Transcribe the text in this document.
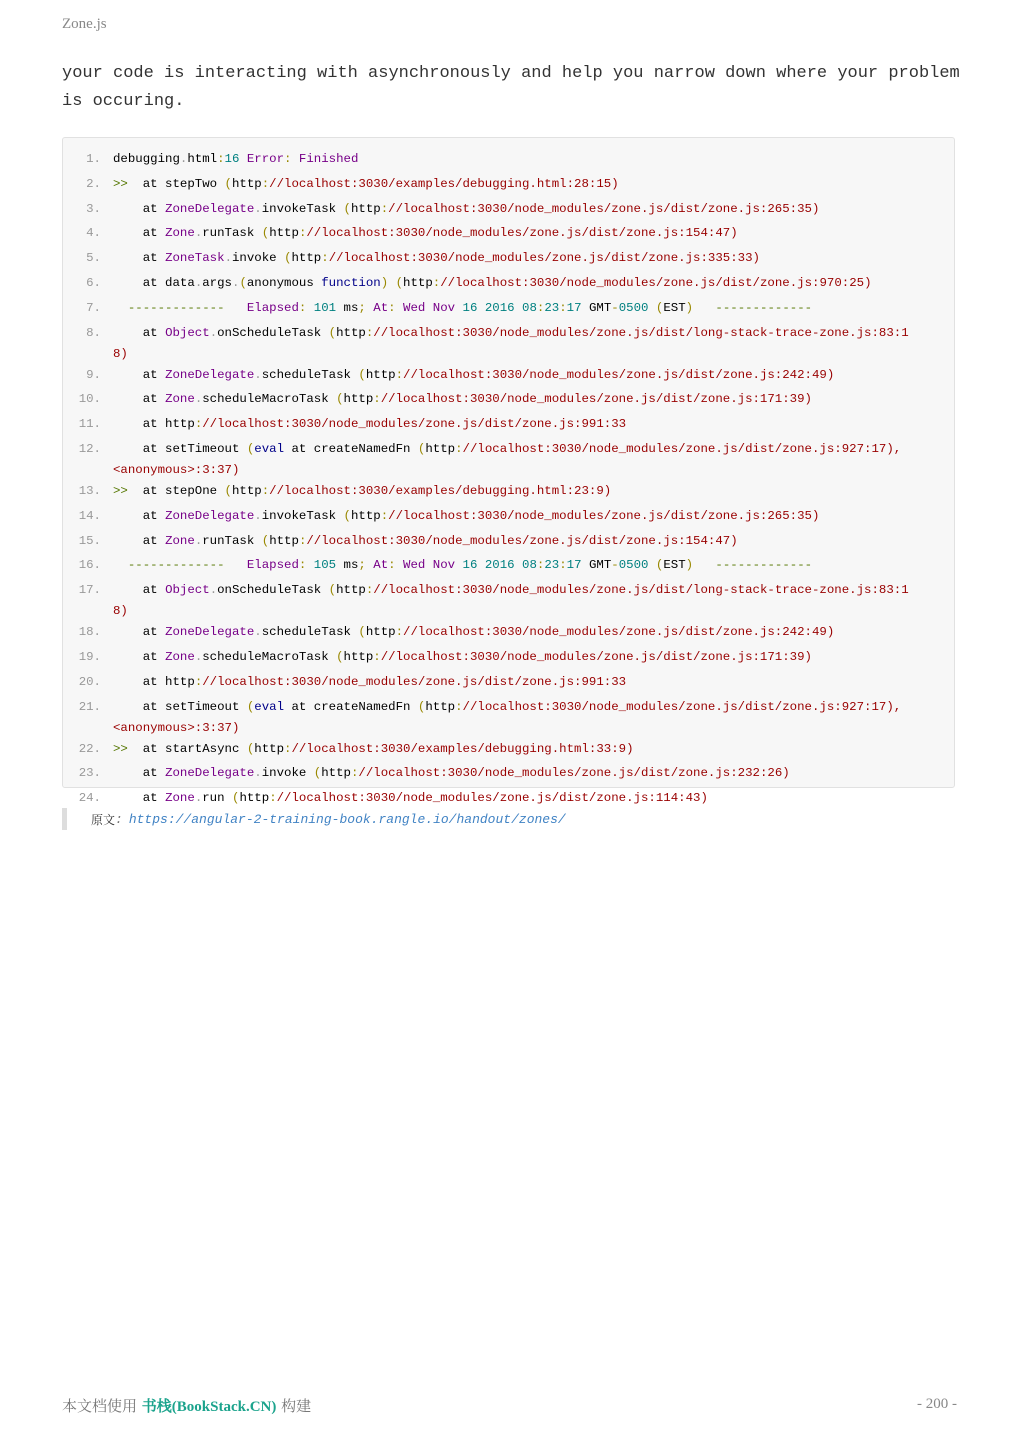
Zone.js

your code is interacting with asynchronously and help you narrow down where your problem is occuring.

1. debugging.html:16 Error: Finished
2. >>  at stepTwo (http://localhost:3030/examples/debugging.html:28:15)
3. at ZoneDelegate.invokeTask (http://localhost:3030/node_modules/zone.js/dist/zone.js:265:35)
4. at Zone.runTask (http://localhost:3030/node_modules/zone.js/dist/zone.js:154:47)
5. at ZoneTask.invoke (http://localhost:3030/node_modules/zone.js/dist/zone.js:335:33)
6. at data.args.(anonymous function) (http://localhost:3030/node_modules/zone.js/dist/zone.js:970:25)
7. -------------   Elapsed: 101 ms; At: Wed Nov 16 2016 08:23:17 GMT-0500 (EST)   -------------
8. at Object.onScheduleTask (http://localhost:3030/node_modules/zone.js/dist/long-stack-trace-zone.js:83:18)
9. at ZoneDelegate.scheduleTask (http://localhost:3030/node_modules/zone.js/dist/zone.js:242:49)
10. at Zone.scheduleMacroTask (http://localhost:3030/node_modules/zone.js/dist/zone.js:171:39)
11. at http://localhost:3030/node_modules/zone.js/dist/zone.js:991:33
12. at setTimeout (eval at createNamedFn (http://localhost:3030/node_modules/zone.js/dist/zone.js:927:17),
<anonymous>:3:37)
13. >>  at stepOne (http://localhost:3030/examples/debugging.html:23:9)
14. at ZoneDelegate.invokeTask (http://localhost:3030/node_modules/zone.js/dist/zone.js:265:35)
15. at Zone.runTask (http://localhost:3030/node_modules/zone.js/dist/zone.js:154:47)
16. -------------   Elapsed: 105 ms; At: Wed Nov 16 2016 08:23:17 GMT-0500 (EST)   -------------
17. at Object.onScheduleTask (http://localhost:3030/node_modules/zone.js/dist/long-stack-trace-zone.js:83:18)
18. at ZoneDelegate.scheduleTask (http://localhost:3030/node_modules/zone.js/dist/zone.js:242:49)
19. at Zone.scheduleMacroTask (http://localhost:3030/node_modules/zone.js/dist/zone.js:171:39)
20. at http://localhost:3030/node_modules/zone.js/dist/zone.js:991:33
21. at setTimeout (eval at createNamedFn (http://localhost:3030/node_modules/zone.js/dist/zone.js:927:17),
<anonymous>:3:37)
22. >>  at startAsync (http://localhost:3030/examples/debugging.html:33:9)
23. at ZoneDelegate.invoke (http://localhost:3030/node_modules/zone.js/dist/zone.js:232:26)
24. at Zone.run (http://localhost:3030/node_modules/zone.js/dist/zone.js:114:43)
原文 : https://angular-2-training-book.rangle.io/handout/zones/
本文档使用 书栈(BookStack.CN) 构建	- 200 -
